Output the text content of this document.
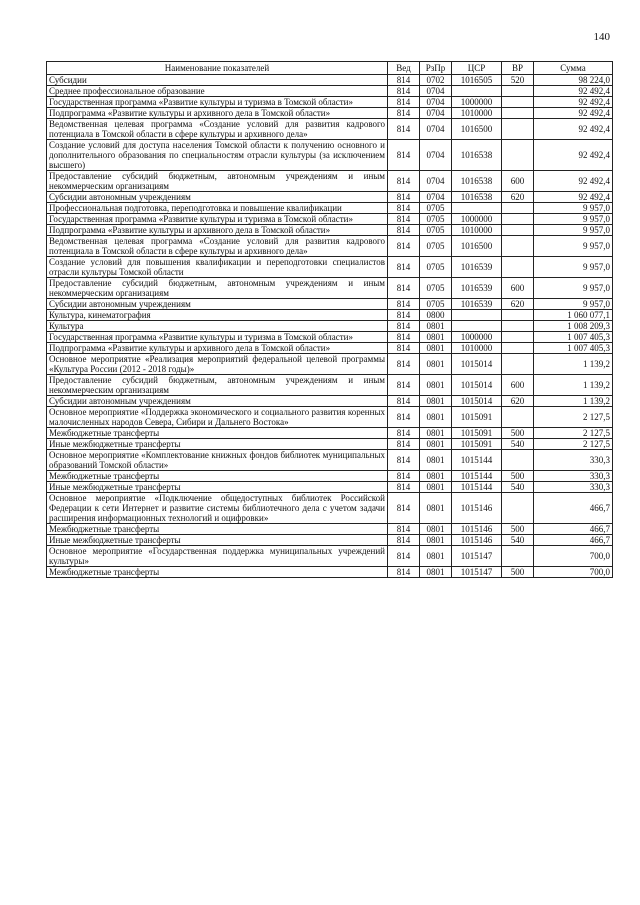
140
Наименование показателей	Вед	РзПр	ЦСР	ВР	Сумма
Субсидии	814	0702	1016505	520	98 224,0
Среднее профессиональное образование	814	0704			92 492,4
Государственная программа «Развитие культуры и туризма в Томской области»	814	0704	1000000		92 492,4
Подпрограмма «Развитие культуры и архивного дела в Томской области»	814	0704	1010000		92 492,4
Ведомственная целевая программа «Создание условий для развития кадрового потенциала в Томской области в сфере культуры и архивного дела»	814	0704	1016500		92 492,4
Создание условий для доступа населения Томской области к получению основного и дополнительного образования по специальностям отрасли культуры (за исключением высшего)	814	0704	1016538		92 492,4
Предоставление субсидий бюджетным, автономным учреждениям и иным некоммерческим организациям	814	0704	1016538	600	92 492,4
Субсидии автономным учреждениям	814	0704	1016538	620	92 492,4
Профессиональная подготовка, переподготовка и повышение квалификации	814	0705			9 957,0
Государственная программа «Развитие культуры и туризма в Томской области»	814	0705	1000000		9 957,0
Подпрограмма «Развитие культуры и архивного дела в Томской области»	814	0705	1010000		9 957,0
Ведомственная целевая программа «Создание условий для развития кадрового потенциала в Томской области в сфере культуры и архивного дела»	814	0705	1016500		9 957,0
Создание условий для повышения квалификации и переподготовки специалистов отрасли культуры Томской области	814	0705	1016539		9 957,0
Предоставление субсидий бюджетным, автономным учреждениям и иным некоммерческим организациям	814	0705	1016539	600	9 957,0
Субсидии автономным учреждениям	814	0705	1016539	620	9 957,0
Культура, кинематография	814	0800			1 060 077,1
Культура	814	0801			1 008 209,3
Государственная программа «Развитие культуры и туризма в Томской области»	814	0801	1000000		1 007 405,3
Подпрограмма «Развитие культуры и архивного дела в Томской области»	814	0801	1010000		1 007 405,3
Основное мероприятие «Реализация мероприятий федеральной целевой программы «Культура России (2012 - 2018 годы)»	814	0801	1015014		1 139,2
Предоставление субсидий бюджетным, автономным учреждениям и иным некоммерческим организациям	814	0801	1015014	600	1 139,2
Субсидии автономным учреждениям	814	0801	1015014	620	1 139,2
Основное мероприятие «Поддержка экономического и социального развития коренных малочисленных народов Севера, Сибири и Дальнего Востока»	814	0801	1015091		2 127,5
Межбюджетные трансферты	814	0801	1015091	500	2 127,5
Иные межбюджетные трансферты	814	0801	1015091	540	2 127,5
Основное мероприятие «Комплектование книжных фондов библиотек муниципальных образований Томской области»	814	0801	1015144		330,3
Межбюджетные трансферты	814	0801	1015144	500	330,3
Иные межбюджетные трансферты	814	0801	1015144	540	330,3
Основное мероприятие «Подключение общедоступных библиотек Российской Федерации к сети Интернет и развитие системы библиотечного дела с учетом задачи расширения информационных технологий и оцифровки»	814	0801	1015146		466,7
Межбюджетные трансферты	814	0801	1015146	500	466,7
Иные межбюджетные трансферты	814	0801	1015146	540	466,7
Основное мероприятие «Государственная поддержка муниципальных учреждений культуры»	814	0801	1015147		700,0
Межбюджетные трансферты	814	0801	1015147	500	700,0
